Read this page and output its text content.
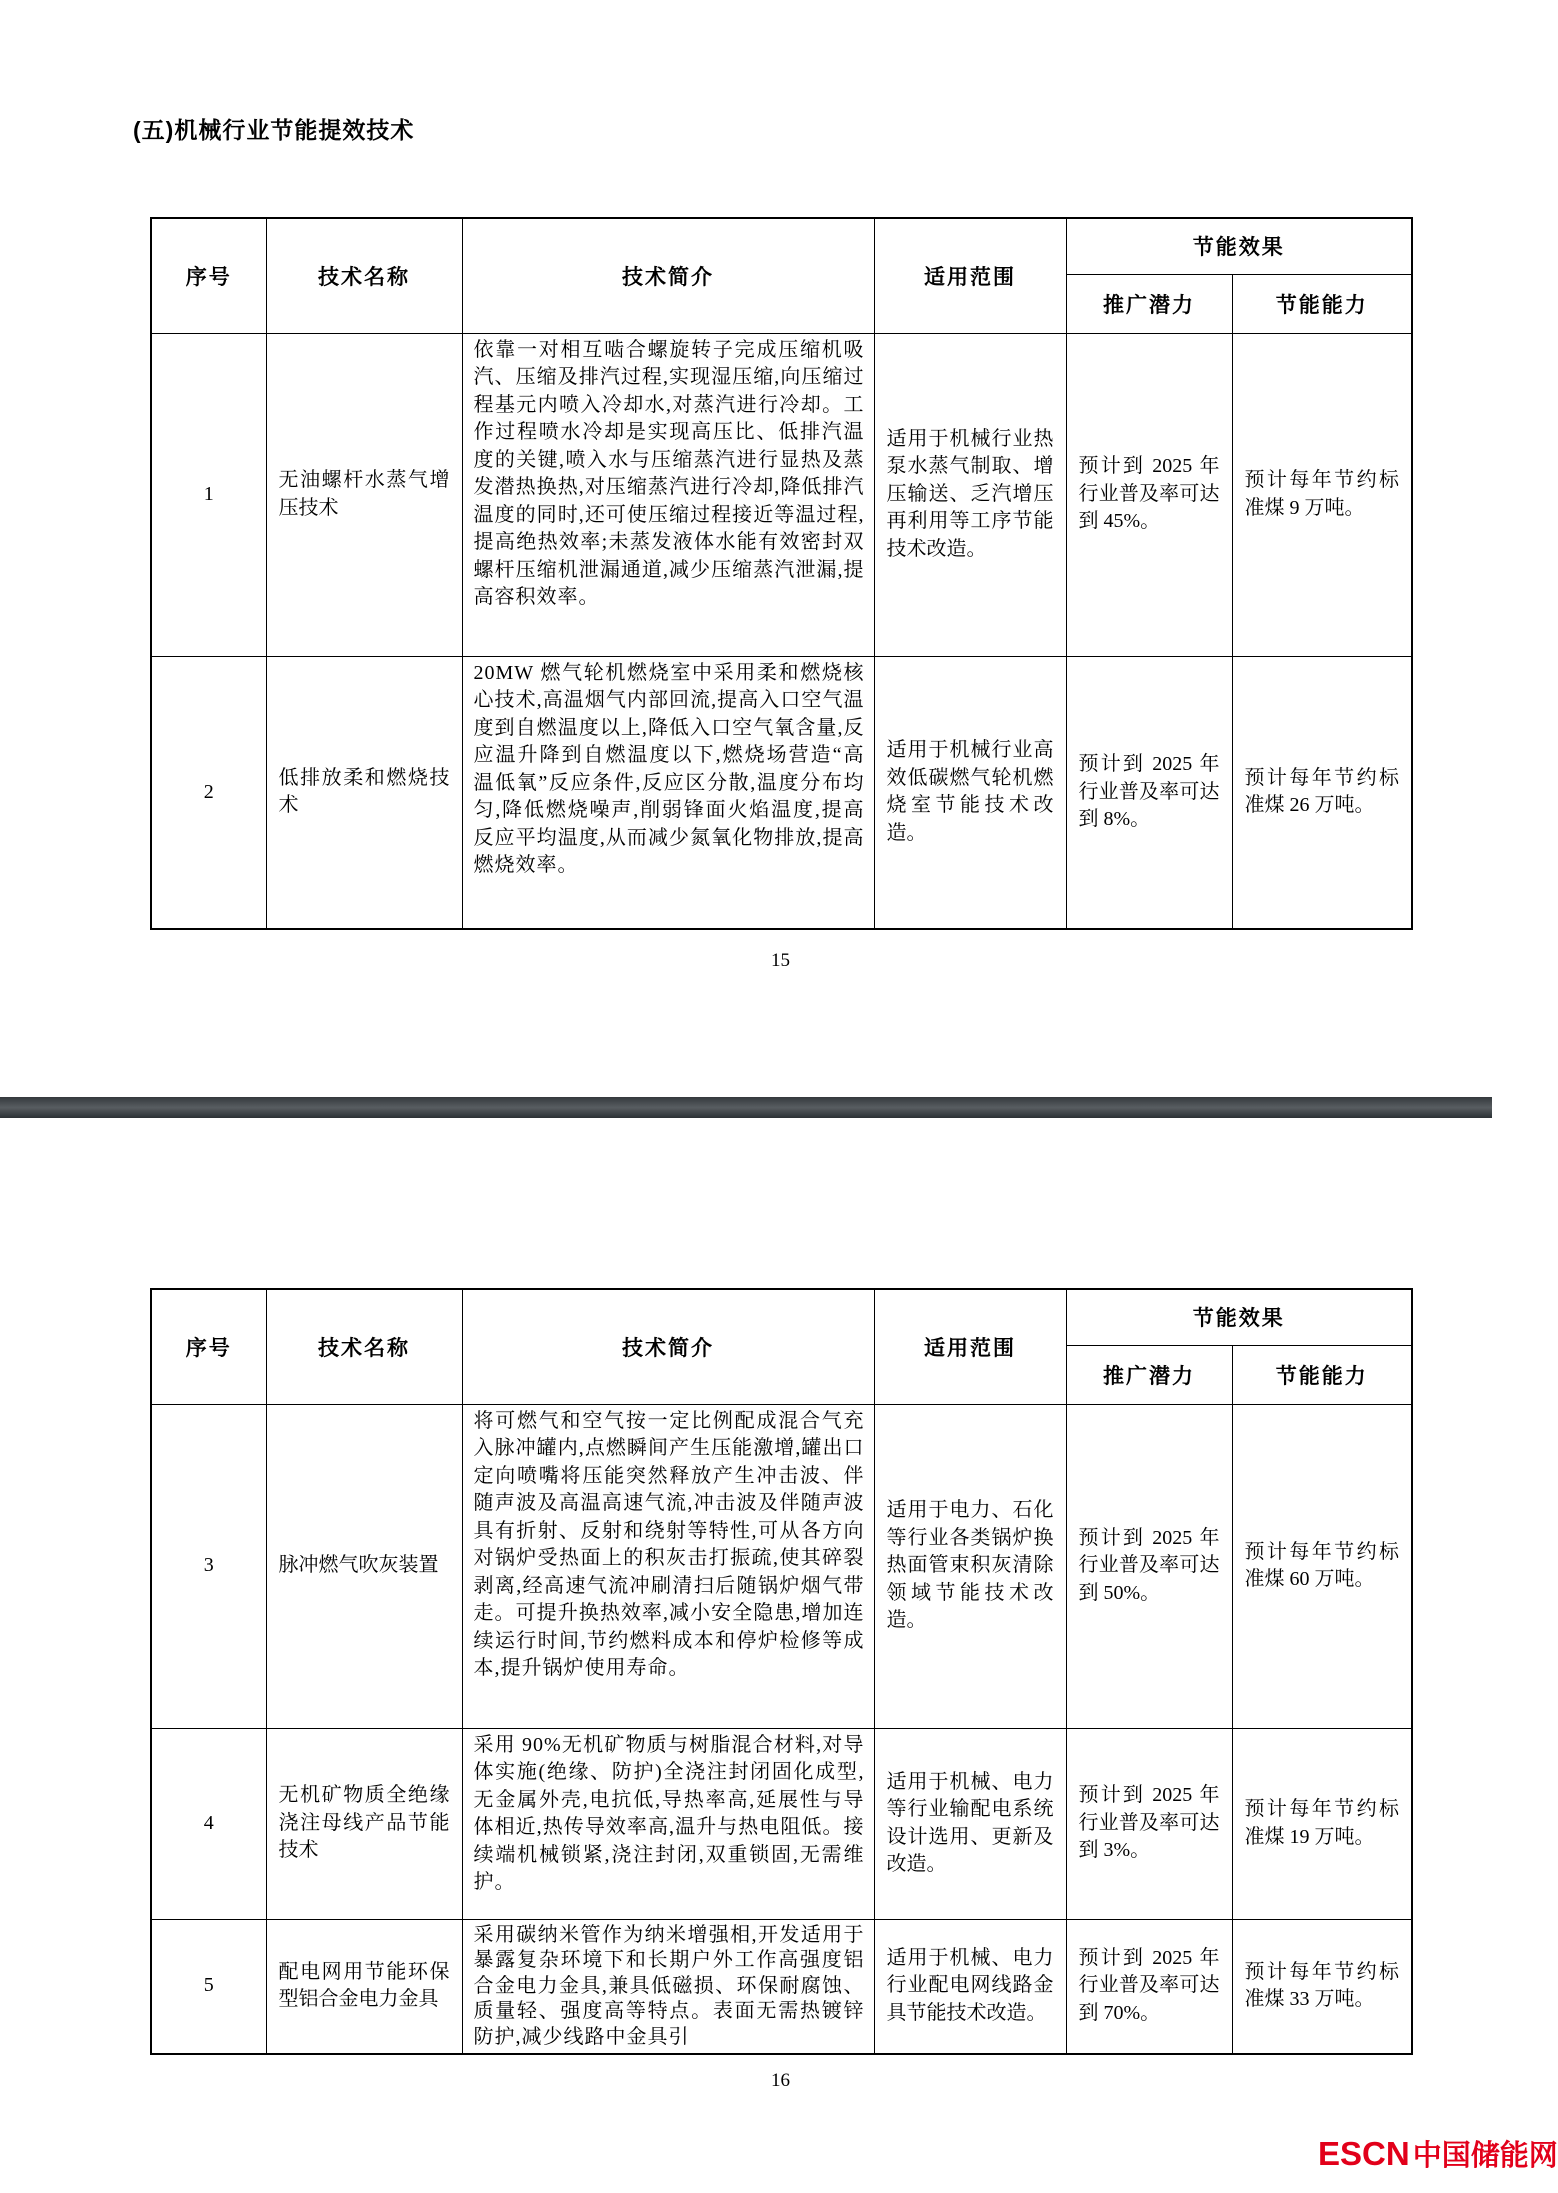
(五)机械行业节能提效技术
序号	技术名称	技术简介	适用范围	节能效果	
				推广潜力	节能能力
1	无油螺杆水蒸气增压技术	依靠一对相互啮合螺旋转子完成压缩机吸汽、压缩及排汽过程,实现湿压缩,向压缩过程基元内喷入冷却水,对蒸汽进行冷却。工作过程喷水冷却是实现高压比、低排汽温度的关键,喷入水与压缩蒸汽进行显热及蒸发潜热换热,对压缩蒸汽进行冷却,降低排汽温度的同时,还可使压缩过程接近等温过程,提高绝热效率;未蒸发液体水能有效密封双螺杆压缩机泄漏通道,减少压缩蒸汽泄漏,提高容积效率。	适用于机械行业热泵水蒸气制取、增压输送、乏汽增压再利用等工序节能技术改造。	预计到 2025 年行业普及率可达到 45%。	预计每年节约标准煤 9 万吨。

2	低排放柔和燃烧技术	20MW 燃气轮机燃烧室中采用柔和燃烧核心技术,高温烟气内部回流,提高入口空气温度到自燃温度以上,降低入口空气氧含量,反应温升降到自燃温度以下,燃烧场营造“高温低氧”反应条件,反应区分散,温度分布均匀,降低燃烧噪声,削弱锋面火焰温度,提高反应平均温度,从而减少氮氧化物排放,提高燃烧效率。	适用于机械行业高效低碳燃气轮机燃烧室节能技术改造。	预计到 2025 年行业普及率可达到 8%。	预计每年节约标准煤 26 万吨。
15
序号	技术名称	技术简介	适用范围	节能效果	
				推广潜力	节能能力
3	脉冲燃气吹灰装置	将可燃气和空气按一定比例配成混合气充入脉冲罐内,点燃瞬间产生压能激增,罐出口定向喷嘴将压能突然释放产生冲击波、伴随声波及高温高速气流,冲击波及伴随声波具有折射、反射和绕射等特性,可从各方向对锅炉受热面上的积灰击打振疏,使其碎裂剥离,经高速气流冲刷清扫后随锅炉烟气带走。可提升换热效率,减小安全隐患,增加连续运行时间,节约燃料成本和停炉检修等成本,提升锅炉使用寿命。	适用于电力、石化等行业各类锅炉换热面管束积灰清除领域节能技术改造。	预计到 2025 年行业普及率可达到 50%。	预计每年节约标准煤 60 万吨。

4	无机矿物质全绝缘浇注母线产品节能技术	采用 90%无机矿物质与树脂混合材料,对导体实施(绝缘、防护)全浇注封闭固化成型,无金属外壳,电抗低,导热率高,延展性与导体相近,热传导效率高,温升与热电阻低。接续端机械锁紧,浇注封闭,双重锁固,无需维护。	适用于机械、电力等行业输配电系统设计选用、更新及改造。	预计到 2025 年行业普及率可达到 3%。	预计每年节约标准煤 19 万吨。

5	配电网用节能环保型铝合金电力金具	采用碳纳米管作为纳米增强相,开发适用于暴露复杂环境下和长期户外工作高强度铝合金电力金具,兼具低磁损、环保耐腐蚀、质量轻、强度高等特点。表面无需热镀锌防护,减少线路中金具引	适用于机械、电力行业配电网线路金具节能技术改造。	预计到 2025 年行业普及率可达到 70%。	预计每年节约标准煤 33 万吨。
16
ESCN 中国储能网
